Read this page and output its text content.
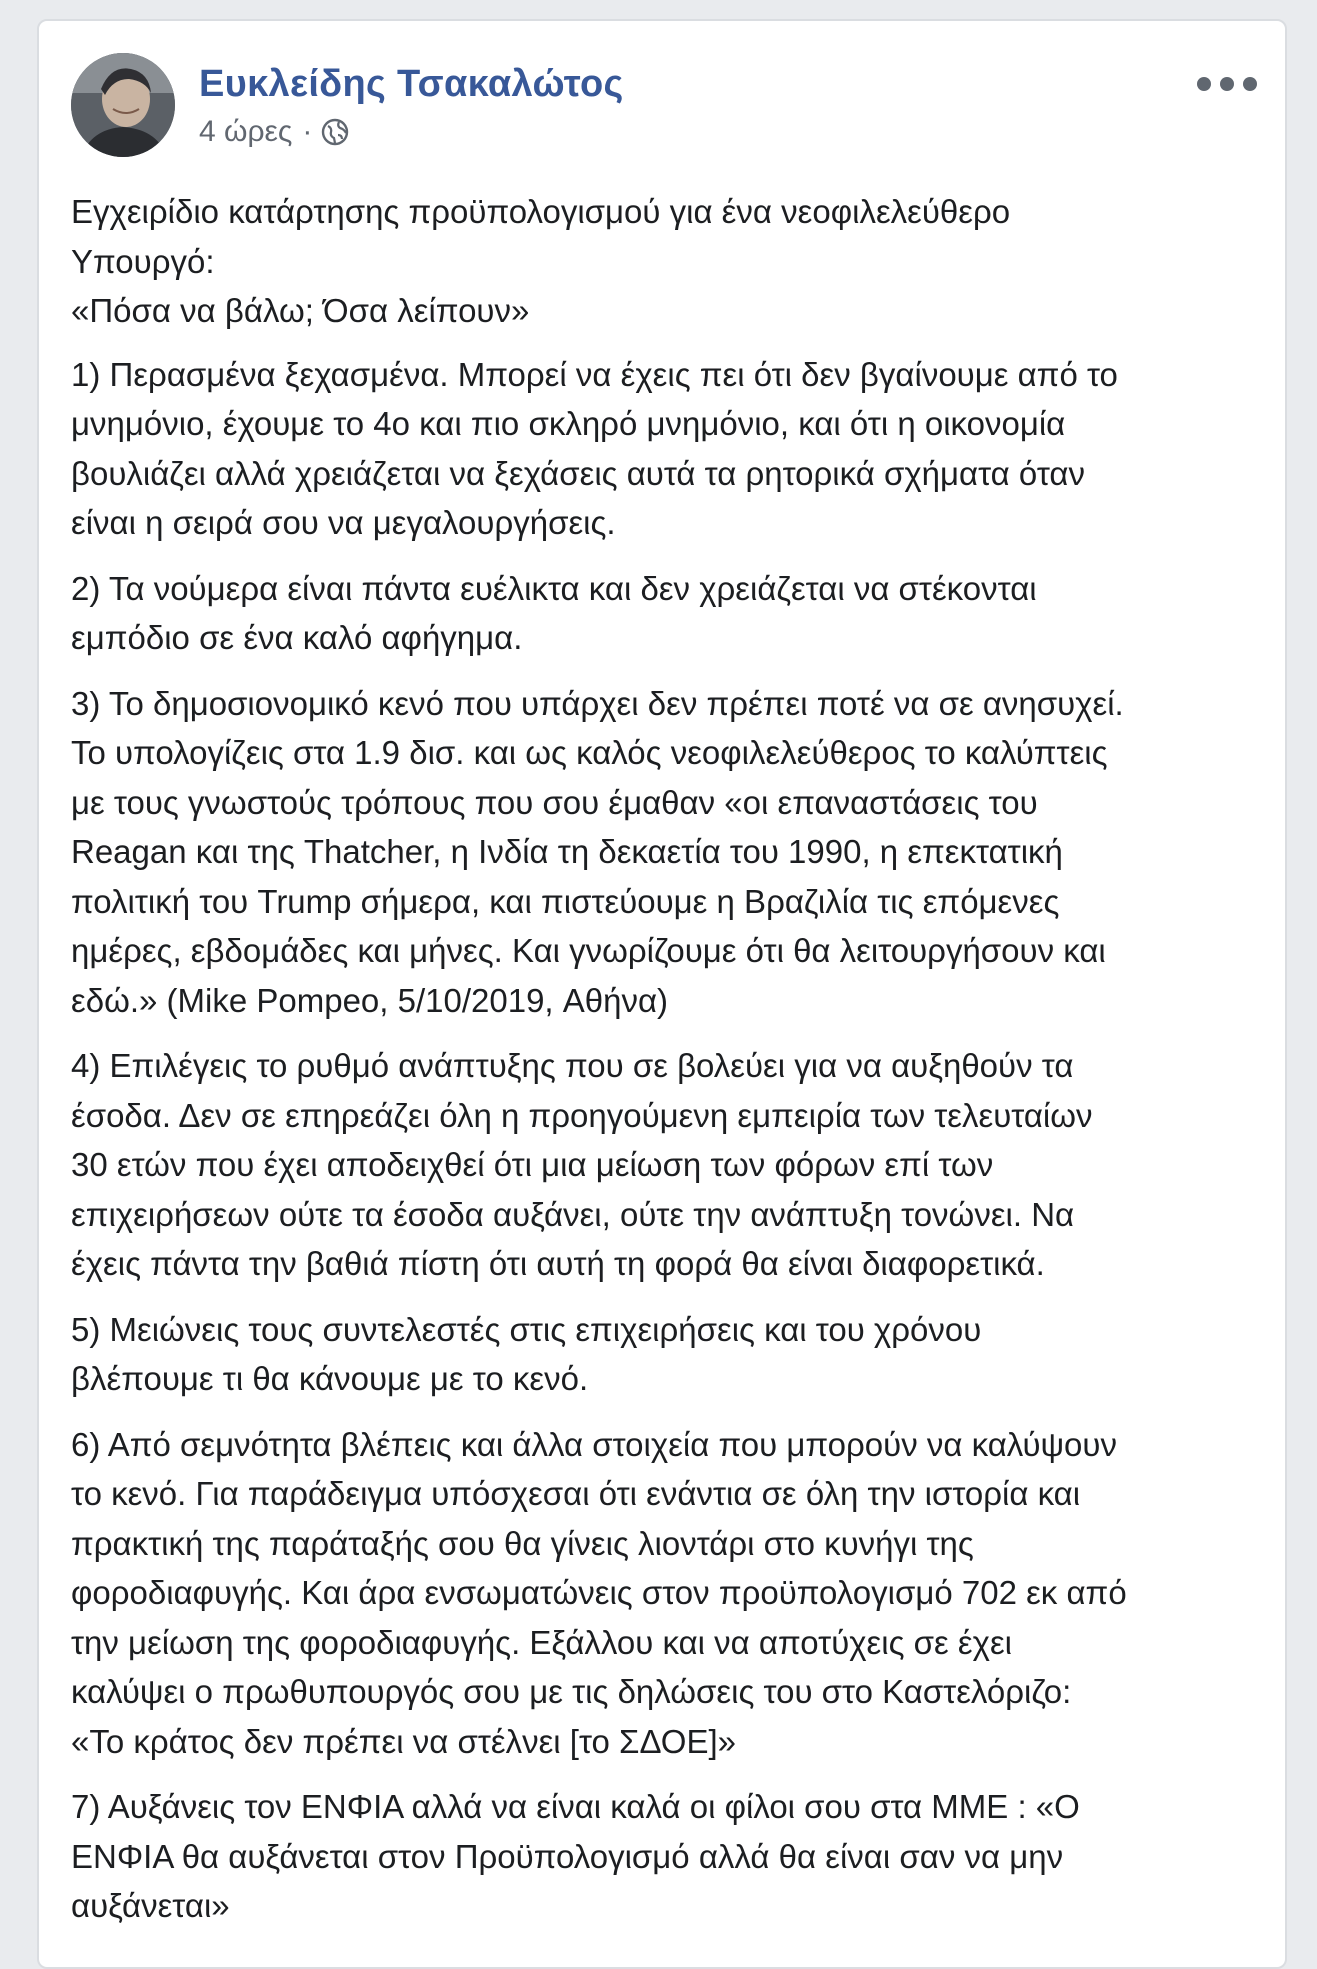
Ευκλείδης Τσακαλώτος
4 ώρες ·

Εγχειρίδιο κατάρτησης προϋπολογισμού για ένα νεοφιλελεύθερο
Υπουργό:
«Πόσα να βάλω; Όσα λείπουν»

1) Περασμένα ξεχασμένα. Μπορεί να έχεις πει ότι δεν βγαίνουμε από το
μνημόνιο, έχουμε το 4ο και πιο σκληρό μνημόνιο, και ότι η οικονομία
βουλιάζει αλλά χρειάζεται να ξεχάσεις αυτά τα ρητορικά σχήματα όταν
είναι η σειρά σου να μεγαλουργήσεις.

2) Τα νούμερα είναι πάντα ευέλικτα και δεν χρειάζεται να στέκονται
εμπόδιο σε ένα καλό αφήγημα.

3) Το δημοσιονομικό κενό που υπάρχει δεν πρέπει ποτέ να σε ανησυχεί.
Το υπολογίζεις στα 1.9 δισ. και ως καλός νεοφιλελεύθερος το καλύπτεις
με τους γνωστούς τρόπους που σου έμαθαν «οι επαναστάσεις του
Reagan και της Thatcher, η Ινδία τη δεκαετία του 1990, η επεκτατική
πολιτική του Trump σήμερα, και πιστεύουμε η Βραζιλία τις επόμενες
ημέρες, εβδομάδες και μήνες. Και γνωρίζουμε ότι θα λειτουργήσουν και
εδώ.» (Mike Pompeo, 5/10/2019, Αθήνα)

4) Επιλέγεις το ρυθμό ανάπτυξης που σε βολεύει για να αυξηθούν τα
έσοδα. Δεν σε επηρεάζει όλη η προηγούμενη εμπειρία των τελευταίων
30 ετών που έχει αποδειχθεί ότι μια μείωση των φόρων επί των
επιχειρήσεων ούτε τα έσοδα αυξάνει, ούτε την ανάπτυξη τονώνει. Να
έχεις πάντα την βαθιά πίστη ότι αυτή τη φορά θα είναι διαφορετικά.

5) Μειώνεις τους συντελεστές στις επιχειρήσεις και του χρόνου
βλέπουμε τι θα κάνουμε με το κενό.

6) Από σεμνότητα βλέπεις και άλλα στοιχεία που μπορούν να καλύψουν
το κενό. Για παράδειγμα υπόσχεσαι ότι ενάντια σε όλη την ιστορία και
πρακτική της παράταξής σου θα γίνεις λιοντάρι στο κυνήγι της
φοροδιαφυγής. Και άρα ενσωματώνεις στον προϋπολογισμό 702 εκ από
την μείωση της φοροδιαφυγής. Εξάλλου και να αποτύχεις σε έχει
καλύψει ο πρωθυπουργός σου με τις δηλώσεις του στο Καστελόριζο:
«Το κράτος δεν πρέπει να στέλνει [το ΣΔΟΕ]»

7) Αυξάνεις τον ΕΝΦΙΑ αλλά να είναι καλά οι φίλοι σου στα ΜΜΕ : «Ο
ΕΝΦΙΑ θα αυξάνεται στον Προϋπολογισμό αλλά θα είναι σαν να μην
αυξάνεται»
